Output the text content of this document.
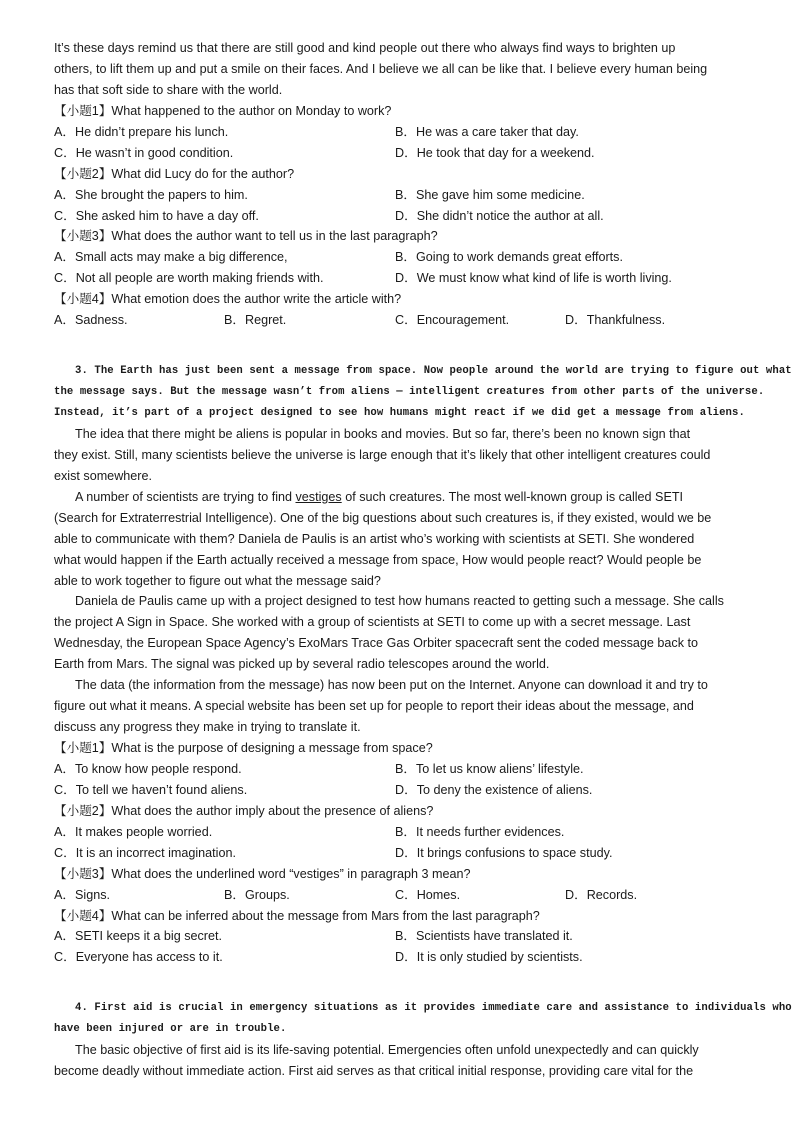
It’s these days remind us that there are still good and kind people out there who always find ways to brighten up
others, to lift them up and put a smile on their faces. And I believe we all can be like that. I believe every human being
has that soft side to share with the world.
【小题1】What happened to the author on Monday to work?
A．He didn’t prepare his lunch.	B．He was a care taker that day.
C．He wasn’t in good condition.	D．He took that day for a weekend.
【小题2】What did Lucy do for the author?
A．She brought the papers to him.	B．She gave him some medicine.
C．She asked him to have a day off.	D．She didn’t notice the author at all.
【小题3】What does the author want to tell us in the last paragraph?
A．Small acts may make a big difference,	B．Going to work demands great efforts.
C．Not all people are worth making friends with.	D．We must know what kind of life is worth living.
【小题4】What emotion does the author write the article with?
A．Sadness.	B．Regret.	C．Encouragement.	D．Thankfulness.
3. The Earth has just been sent a message from space. Now people around the world are trying to figure out what
the message says. But the message wasn’t from aliens — intelligent creatures from other parts of the universe.
Instead, it’s part of a project designed to see how humans might react if we did get a message from aliens.
The idea that there might be aliens is popular in books and movies. But so far, there’s been no known sign that
they exist. Still, many scientists believe the universe is large enough that it’s likely that other intelligent creatures could
exist somewhere.
A number of scientists are trying to find vestiges of such creatures. The most well-known group is called SETI
(Search for Extraterrestrial Intelligence). One of the big questions about such creatures is, if they existed, would we be
able to communicate with them? Daniela de Paulis is an artist who’s working with scientists at SETI. She wondered
what would happen if the Earth actually received a message from space, How would people react? Would people be
able to work together to figure out what the message said?
Daniela de Paulis came up with a project designed to test how humans reacted to getting such a message. She calls
the project A Sign in Space. She worked with a group of scientists at SETI to come up with a secret message. Last
Wednesday, the European Space Agency’s ExoMars Trace Gas Orbiter spacecraft sent the coded message back to
Earth from Mars. The signal was picked up by several radio telescopes around the world.
The data (the information from the message) has now been put on the Internet. Anyone can download it and try to
figure out what it means. A special website has been set up for people to report their ideas about the message, and
discuss any progress they make in trying to translate it.
【小题1】What is the purpose of designing a message from space?
A．To know how people respond.	B．To let us know aliens’ lifestyle.
C．To tell we haven’t found aliens.	D．To deny the existence of aliens.
【小题2】What does the author imply about the presence of aliens?
A．It makes people worried.	B．It needs further evidences.
C．It is an incorrect imagination.	D．It brings confusions to space study.
【小题3】What does the underlined word “vestiges” in paragraph 3 mean?
A．Signs.	B．Groups.	C．Homes.	D．Records.
【小题4】What can be inferred about the message from Mars from the last paragraph?
A．SETI keeps it a big secret.	B．Scientists have translated it.
C．Everyone has access to it.	D．It is only studied by scientists.
4. First aid is crucial in emergency situations as it provides immediate care and assistance to individuals who
have been injured or are in trouble.
The basic objective of first aid is its life-saving potential. Emergencies often unfold unexpectedly and can quickly
become deadly without immediate action. First aid serves as that critical initial response, providing care vital for the
